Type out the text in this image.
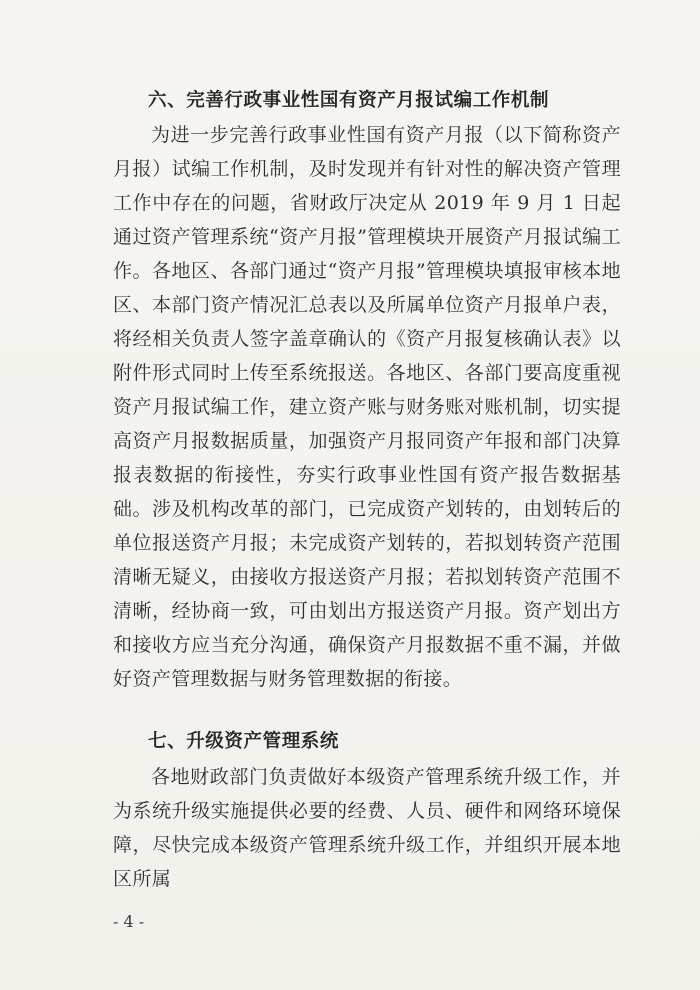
六、完善行政事业性国有资产月报试编工作机制
为进一步完善行政事业性国有资产月报（以下简称资产月报）试编工作机制，及时发现并有针对性的解决资产管理工作中存在的问题，省财政厅决定从 2019 年 9 月 1 日起通过资产管理系统“资产月报”管理模块开展资产月报试编工作。各地区、各部门通过“资产月报”管理模块填报审核本地区、本部门资产情况汇总表以及所属单位资产月报单户表，将经相关负责人签字盖章确认的《资产月报复核确认表》以附件形式同时上传至系统报送。各地区、各部门要高度重视资产月报试编工作，建立资产账与财务账对账机制，切实提高资产月报数据质量，加强资产月报同资产年报和部门决算报表数据的衔接性，夯实行政事业性国有资产报告数据基础。涉及机构改革的部门，已完成资产划转的，由划转后的单位报送资产月报；未完成资产划转的，若拟划转资产范围清晰无疑义，由接收方报送资产月报；若拟划转资产范围不清晰，经协商一致，可由划出方报送资产月报。资产划出方和接收方应当充分沟通，确保资产月报数据不重不漏，并做好资产管理数据与财务管理数据的衔接。
七、升级资产管理系统
各地财政部门负责做好本级资产管理系统升级工作，并为系统升级实施提供必要的经费、人员、硬件和网络环境保障，尽快完成本级资产管理系统升级工作，并组织开展本地区所属
- 4 -
